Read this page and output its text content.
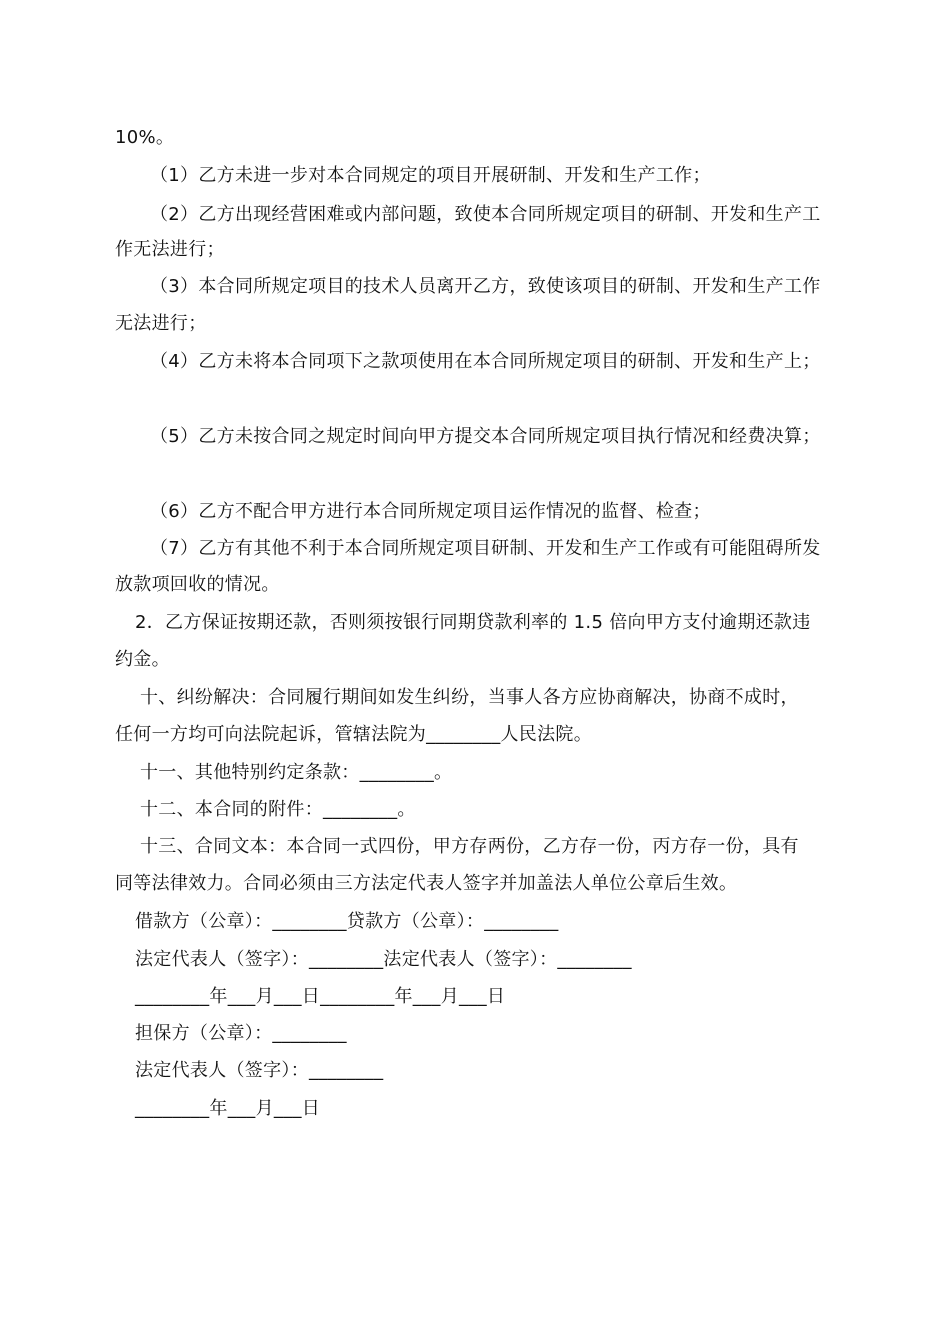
10%。
（1）乙方未进一步对本合同规定的项目开展研制、开发和生产工作；
（2）乙方出现经营困难或内部问题，致使本合同所规定项目的研制、开发和生产工
作无法进行；
（3）本合同所规定项目的技术人员离开乙方，致使该项目的研制、开发和生产工作
无法进行；
（4）乙方未将本合同项下之款项使用在本合同所规定项目的研制、开发和生产上；
（5）乙方未按合同之规定时间向甲方提交本合同所规定项目执行情况和经费决算；
（6）乙方不配合甲方进行本合同所规定项目运作情况的监督、检查；
（7）乙方有其他不利于本合同所规定项目研制、开发和生产工作或有可能阻碍所发
放款项回收的情况。
2．乙方保证按期还款，否则须按银行同期贷款利率的 1.5 倍向甲方支付逾期还款违
约金。
十、纠纷解决：合同履行期间如发生纠纷，当事人各方应协商解决，协商不成时，
任何一方均可向法院起诉，管辖法院为________人民法院。
十一、其他特别约定条款：________。
十二、本合同的附件：________。
十三、合同文本：本合同一式四份，甲方存两份，乙方存一份，丙方存一份，具有
同等法律效力。合同必须由三方法定代表人签字并加盖法人单位公章后生效。
借款方（公章）：________贷款方（公章）：________
法定代表人（签字）：________法定代表人（签字）：________
________年___月___日________年___月___日
担保方（公章）：________
法定代表人（签字）：________
________年___月___日
